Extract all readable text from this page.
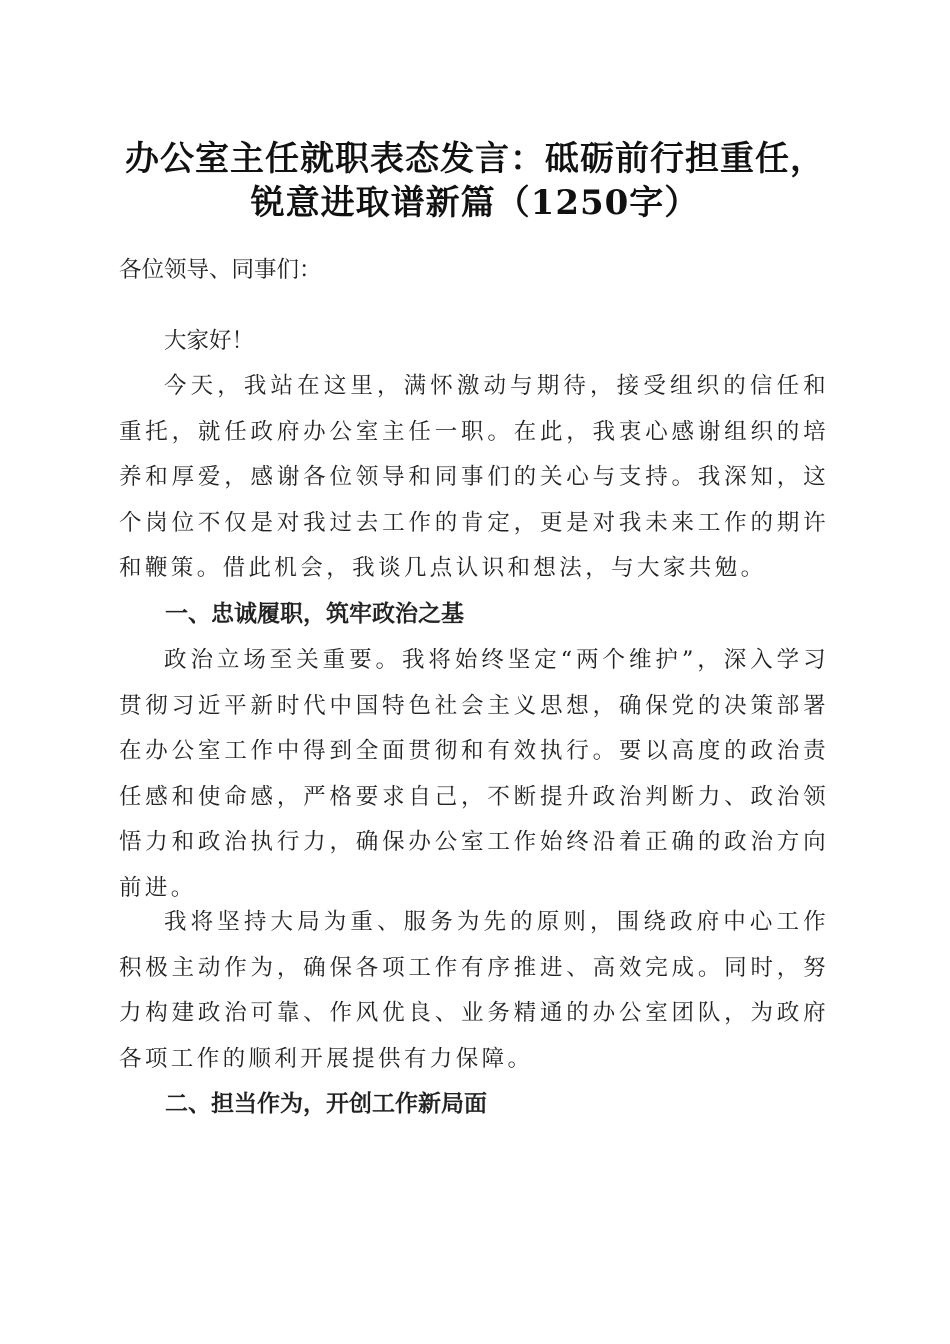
办公室主任就职表态发言：砥砺前行担重任，
锐意进取谱新篇（1250字）
各位领导、同事们：

大家好！

今天，我站在这里，满怀激动与期待，接受组织的信任和重托，就任政府办公室主任一职。在此，我衷心感谢组织的培养和厚爱，感谢各位领导和同事们的关心与支持。我深知，这个岗位不仅是对我过去工作的肯定，更是对我未来工作的期许和鞭策。借此机会，我谈几点认识和想法，与大家共勉。

一、忠诚履职，筑牢政治之基

政治立场至关重要。我将始终坚定“两个维护”，深入学习贯彻习近平新时代中国特色社会主义思想，确保党的决策部署在办公室工作中得到全面贯彻和有效执行。要以高度的政治责任感和使命感，严格要求自己，不断提升政治判断力、政治领悟力和政治执行力，确保办公室工作始终沿着正确的政治方向前进。

我将坚持大局为重、服务为先的原则，围绕政府中心工作积极主动作为，确保各项工作有序推进、高效完成。同时，努力构建政治可靠、作风优良、业务精通的办公室团队，为政府各项工作的顺利开展提供有力保障。

二、担当作为，开创工作新局面
